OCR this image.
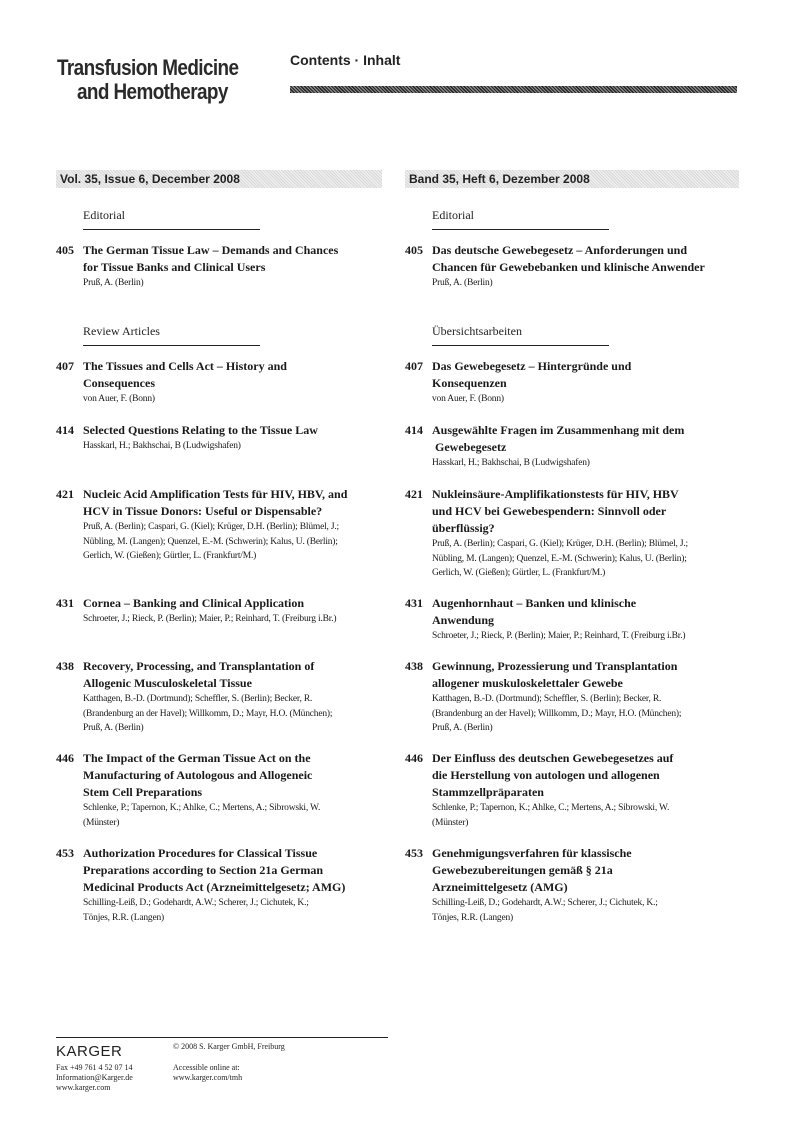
Transfusion Medicine
and Hemotherapy
Contents · Inhalt
Vol. 35, Issue 6, December 2008
Editorial
Review Articles
405 The German Tissue Law – Demands and Chances
for Tissue Banks and Clinical Users
Pruß, A. (Berlin)
407 The Tissues and Cells Act – History and
Consequences
von Auer, F. (Bonn)
414 Selected Questions Relating to the Tissue Law
Hasskarl, H.; Bakhschai, B (Ludwigshafen)
421 Nucleic Acid Amplification Tests für HIV, HBV, and
HCV in Tissue Donors: Useful or Dispensable?
Pruß, A. (Berlin); Caspari, G. (Kiel); Krüger, D.H. (Berlin); Blümel, J.;
Nübling, M. (Langen); Quenzel, E.-M. (Schwerin); Kalus, U. (Berlin);
Gerlich, W. (Gießen); Gürtler, L. (Frankfurt/M.)
431 Cornea – Banking and Clinical Application
Schroeter, J.; Rieck, P. (Berlin); Maier, P.; Reinhard, T. (Freiburg i.Br.)
438 Recovery, Processing, and Transplantation of
Allogenic Musculoskeletal Tissue
Katthagen, B.-D. (Dortmund); Scheffler, S. (Berlin); Becker, R.
(Brandenburg an der Havel); Willkomm, D.; Mayr, H.O. (München);
Pruß, A. (Berlin)
446 The Impact of the German Tissue Act on the
Manufacturing of Autologous and Allogeneic
Stem Cell Preparations
Schlenke, P.; Tapernon, K.; Ahlke, C.; Mertens, A.; Sibrowski, W.
(Münster)
453 Authorization Procedures for Classical Tissue
Preparations according to Section 21a German
Medicinal Products Act (Arzneimittelgesetz; AMG)
Schilling-Leiß, D.; Godehardt, A.W.; Scherer, J.; Cichutek, K.;
Tönjes, R.R. (Langen)
Band 35, Heft 6, Dezember 2008
Editorial
Übersichtsarbeiten
405 Das deutsche Gewebegesetz – Anforderungen und
Chancen für Gewebebanken und klinische Anwender
Pruß, A. (Berlin)
407 Das Gewebegesetz – Hintergründe und
Konsequenzen
von Auer, F. (Bonn)
414 Ausgewählte Fragen im Zusammenhang mit dem
Gewebegesetz
Hasskarl, H.; Bakhschai, B (Ludwigshafen)
421 Nukleinsäure-Amplifikationstests für HIV, HBV
und HCV bei Gewebespendern: Sinnvoll oder
überflüssig?
Pruß, A. (Berlin); Caspari, G. (Kiel); Krüger, D.H. (Berlin); Blümel, J.;
Nübling, M. (Langen); Quenzel, E.-M. (Schwerin); Kalus, U. (Berlin);
Gerlich, W. (Gießen); Gürtler, L. (Frankfurt/M.)
431 Augenhornhaut – Banken und klinische
Anwendung
Schroeter, J.; Rieck, P. (Berlin); Maier, P.; Reinhard, T. (Freiburg i.Br.)
438 Gewinnung, Prozessierung und Transplantation
allogener muskuloskelettaler Gewebe
Katthagen, B.-D. (Dortmund); Scheffler, S. (Berlin); Becker, R.
(Brandenburg an der Havel); Willkomm, D.; Mayr, H.O. (München);
Pruß, A. (Berlin)
446 Der Einfluss des deutschen Gewebegesetzes auf
die Herstellung von autologen und allogenen
Stammzellpräparaten
Schlenke, P.; Tapernon, K.; Ahlke, C.; Mertens, A.; Sibrowski, W.
(Münster)
453 Genehmigungsverfahren für klassische
Gewebezubereitungen gemäß § 21a
Arzneimittelgesetz (AMG)
Schilling-Leiß, D.; Godehardt, A.W.; Scherer, J.; Cichutek, K.;
Tönjes, R.R. (Langen)
KARGER	© 2008 S. Karger GmbH, Freiburg
Fax +49 761 4 52 07 14
Information@Karger.de
www.karger.com
Accessible online at:
www.karger.com/tmh
